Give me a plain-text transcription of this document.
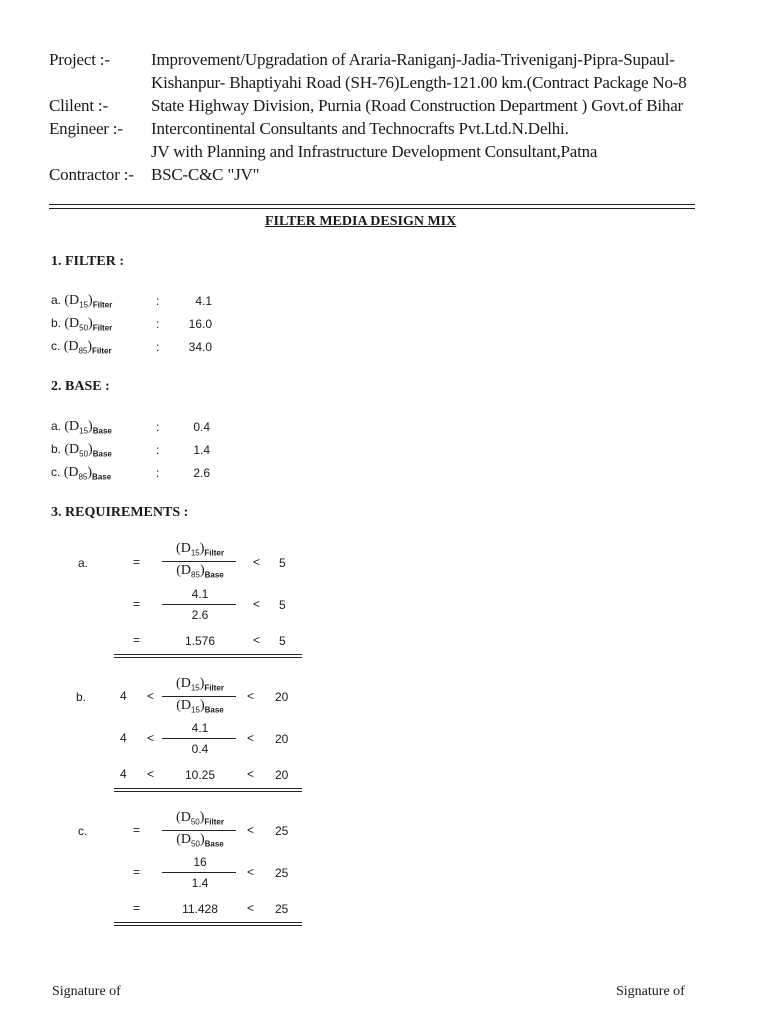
Project :- Improvement/Upgradation of Araria-Raniganj-Jadia-Triveniganj-Pipra-Supaul-
Kishanpur- Bhaptiyahi Road (SH-76)Length-121.00 km.(Contract Package No-8
Clilent :-	State Highway Division, Purnia (Road Construction Department ) Govt.of Bihar
Engineer :- Intercontinental Consultants and Technocrafts Pvt.Ltd.N.Delhi.
JV with Planning and Infrastructure Development Consultant,Patna
Contractor :- BSC-C&C "JV"
FILTER MEDIA DESIGN MIX
1. FILTER :
a. $(D_{15})_{Filter}$	:	4.1
b. $(D_{50})_{Filter}$	:	16.0
c. $(D_{85})_{Filter}$	:	34.0
2. BASE :
a. $(D_{15})_{Base}$	:	0.4
b. $(D_{50})_{Base}$	:	1.4
c. $(D_{85})_{Base}$	:	2.6
3. REQUIREMENTS :
a.	=
$(D_{15})_{Filter}$
$(D_{85})_{Base}$
< 5
=
4.1
2.6
< 5
=	1.576	< 5
b.	4 <
$(D_{15})_{Filter}$
$(D_{15})_{Base}$
< 20
4 <
4.1
0.4
< 20
4 <	10.25	< 20
c.	=
$(D_{50})_{Filter}$
$(D_{50})_{Base}$
< 25
=
16
1.4
< 25
=	11.428	< 25
Signature of	Signature of
